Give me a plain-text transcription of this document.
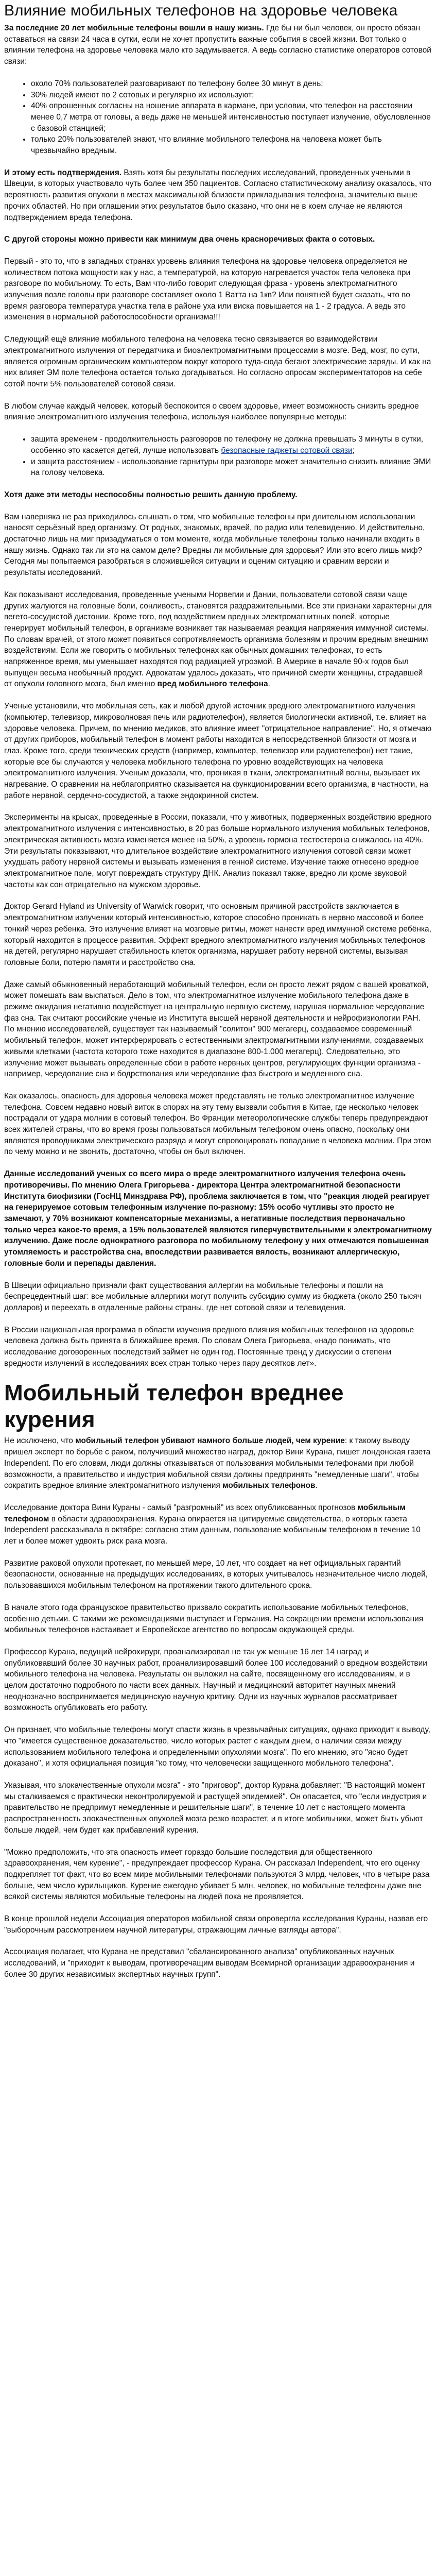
Влияние мобильных телефонов на здоровье человека

За последние 20 лет мобильные телефоны вошли в нашу жизнь. Где бы ни был человек, он просто обязан оставаться на связи 24 часа в сутки, если не хочет пропустить важные события в своей жизни. Вот только о влиянии телефона на здоровье человека мало кто задумывается. А ведь согласно статистике операторов сотовой связи:

• около 70% пользователей разговаривают по телефону более 30 минут в день;
• 30% людей имеют по 2 сотовых и регулярно их используют;
• 40% опрошенных согласны на ношение аппарата в кармане, при условии, что телефон на расстоянии менее 0,7 метра от головы, а ведь даже не меньшей интенсивностью поступает излучение, обусловленное с базовой станцией;
• только 20% пользователей знают, что влияние мобильного телефона на человека может быть чрезвычайно вредным.

И этому есть подтверждения. Взять хотя бы результаты последних исследований, проведенных учеными в Швеции, в которых участвовало чуть более чем 350 пациентов. Согласно статистическому анализу оказалось, что вероятность развития опухоли в местах максимальной близости прикладывания телефона, значительно выше прочих областей. Но при оглашении этих результатов было сказано, что они не в коем случае не являются подтверждением вреда телефона.

С другой стороны можно привести как минимум два очень красноречивых факта о сотовых.

Первый - это то, что в западных странах уровень влияния телефона на здоровье человека определяется не количеством потока мощности как у нас, а температурой, на которую нагревается участок тела человека при разговоре по мобильному. То есть, Вам что-либо говорит следующая фраза - уровень электромагнитного излучения возле головы при разговоре составляет около 1 Ватта на 1кв? Или понятней будет сказать, что во время разговора температура участка тела в районе уха или виска повышается на 1 - 2 градуса. А ведь это изменения в нормальной работоспособности организма!!!

Следующий ещё влияние мобильного телефона на человека тесно связывается во взаимодействии электромагнитного излучения от передатчика и биоэлектромагнитными процессами в мозге. Вед, мозг, по сути, является огромным органическим компьютером вокруг которого туда-сюда бегают электрические заряды. И как на них влияет ЭМ поле телефона остается только догадываться. Но согласно опросам экспериментаторов на себе сотой почти 5% пользователей сотовой связи.

В любом случае каждый человек, который беспокоится о своем здоровье, имеет возможность снизить вредное влияние электромагнитного излучения телефона, используя наиболее популярные методы:

• защита временем - продолжительность разговоров по телефону не должна превышать 3 минуты в сутки, особенно это касается детей, лучше использовать безопасные гаджеты сотовой связи;
• и защита расстоянием - использование гарнитуры при разговоре может значительно снизить влияние ЭМИ на голову человека.

Хотя даже эти методы неспособны полностью решить данную проблему.

Вам наверняка не раз приходилось слышать о том, что мобильные телефоны при длительном использовании наносят серьёзный вред организму. От родных, знакомых, врачей, по радио или телевидению. И действительно, достаточно лишь на миг призадуматься о том моменте, когда мобильные телефоны только начинали входить в нашу жизнь. Однако так ли это на самом деле? Вредны ли мобильные для здоровья? Или это всего лишь миф? Сегодня мы попытаемся разобраться в сложившейся ситуации и оценим ситуацию и сравним версии и результаты исследований.

Как показывают исследования, проведенные учеными Норвегии и Дании, пользователи сотовой связи чаще других жалуются на головные боли, сонливость, становятся раздражительными. Все эти признаки характерны для вегето-сосудистой дистонии. Кроме того, под воздействием вредных электромагнитных полей, которые генерирует мобильный телефон, в организме возникает так называемая реакция напряжения иммунной системы. По словам врачей, от этого может появиться сопротивляемость организма болезням и прочим вредным внешним воздействиям. Если же говорить о мобильных телефонах как обычных домашних телефонах, то есть напряженное время, мы уменьшает находятся под радиацией угроэмой. В Америке в начале 90-х годов был выпущен весьма необычный продукт. Адвокатам удалось доказать, что причиной смерти женщины, страдавшей от опухоли головного мозга, был именно вред мобильного телефона.

Ученые установили, что мобильная сеть, как и любой другой источник вредного электромагнитного излучения (компьютер, телевизор, микроволновая печь или радиотелефон), является биологически активной, т.е. влияет на здоровье человека. Причем, по мнению медиков, это влияние имеет "отрицательное направление". Но, я отмечаю от других приборов, мобильный телефон в момент работы находится в непосредственной близости от мозга и глаз. Кроме того, среди технических средств (например, компьютер, телевизор или радиотелефон) нет такие, которые все бы случаются у человека мобильного телефона по уровню воздействующих на человека электромагнитного излучения. Ученым доказали, что, проникая в ткани, электромагнитный волны, вызывает их нагревание. О сравнении на неблагоприятно сказывается на функционировании всего организма, в частности, на работе нервной, сердечно-сосудистой, а также эндокринной систем.

Эксперименты на крысах, проведенные в России, показали, что у животных, подверженных воздействию вредного электромагнитного излучения с интенсивностью, в 20 раз больше нормального излучения мобильных телефонов, электрическая активность мозга изменяется менее на 50%, а уровень гормона тестостерона снижалось на 40%. Эти результаты показывают, что длительное воздействие электромагнитного излучения сотовой связи может ухудшать работу нервной системы и вызывать изменения в генной системе. Изучение также отнесено вредное электромагнитное поле, могут повреждать структуру ДНК. Анализ показал также, вредно ли кроме звуковой частоты как сон отрицательно на мужском здоровье.

Доктор Gerard Hyland из University of Warwick говорит, что основным причиной расстройств заключается в электромагнитном излучении который интенсивностью, которое способно проникать в нервно массовой и более тонкий через ребенка. Это излучение влияет на мозговые ритмы, может нанести вред иммунной системе ребёнка, который находится в процессе развития. Эффект вредного электромагнитного излучения мобильных телефонов на детей, регулярно нарушает стабильность клеток организма, нарушает работу нервной системы, вызывая головные боли, потерю памяти и расстройство сна.

Даже самый обыкновенный неработающий мобильный телефон, если он просто лежит рядом с вашей кроваткой, может помешать вам выспаться. Дело в том, что электромагнитное излучение мобильного телефона даже в режиме ожидания негативно воздействует на центральную нервную систему, нарушая нормальное чередование фаз сна. Так считают российские ученые из Института высшей нервной деятельности и нейрофизиологии РАН. По мнению исследователей, существует так называемый "солитон" 900 мегагерц, создаваемое современный мобильный телефон, может интерферировать с естественными электромагнитными излучениями, создаваемых живыми клетками (частота которого тоже находится в диапазоне 800-1.000 мегагерц). Следовательно, это излучение может вызывать определенные сбои в работе нервных центров, регулирующих функции организма - например, чередование сна и бодрствования или чередование фаз быстрого и медленного сна.

Как оказалось, опасность для здоровья человека может представлять не только электромагнитное излучение телефона. Совсем недавно новый виток в спорах на эту тему вызвали события в Китае, где несколько человек пострадали от удара молнии в сотовый телефон. Во Франции метеорологические службы теперь предупреждают всех жителей страны, что во время грозы пользоваться мобильным телефоном очень опасно, поскольку они являются проводниками электрического разряда и могут спровоцировать попадание в человека молнии. При этом по чему можно и не звонить, достаточно, чтобы он был включен.

Данные исследований ученых со всего мира о вреде электромагнитного излучения телефона очень противоречивы. По мнению Олега Григорьева - директора Центра электромагнитной безопасности Института биофизики (ГосНЦ Минздрава РФ), проблема заключается в том, что "реакция людей реагирует на генерируемое сотовым телефонным излучение по-разному: 15% особо чутливы это просто не замечают, у 70% возникают компенсаторные механизмы, а негативные последствия первоначально только через какое-то время, а 15% пользователей являются гиперчувствительными к электромагнитному излучению. Даже после однократного разговора по мобильному телефону у них отмечаются повышенная утомляемость и расстройства сна, впоследствии развивается вялость, возникают аллергическую, головные боли и перепады давления.

В Швеции официально признали факт существования аллергии на мобильные телефоны и пошли на беспрецедентный шаг: все мобильные аллергики могут получить субсидию сумму из бюджета (около 250 тысяч долларов) и переехать в отдаленные районы страны, где нет сотовой связи и телевидения.

В России национальная программа в области изучения вредного влияния мобильных телефонов на здоровье человека должна быть принята в ближайшее время. По словам Олега Григорьева, «надо понимать, что исследование договоренных последствий займет не один год. Постоянные тренд у дискуссии о степени вредности излучений в исследованиях всех стран только через пару десятков лет».

Мобильный телефон вреднее курения

Не исключено, что мобильный телефон убивают намного больше людей, чем курение: к такому выводу пришел эксперт по борьбе с раком, получивший множество наград, доктор Вини Курана, пишет лондонская газета Independent. По его словам, люди должны отказываться от пользования мобильными телефонами при любой возможности, а правительство и индустрия мобильной связи должны предпринять "немедленные шаги", чтобы сократить вредное влияние электромагнитного излучения мобильных телефонов.

Исследование доктора Вини Кураны - самый "разгромный" из всех опубликованных прогнозов мобильным телефоном в области здравоохранения. Курана опирается на цитируемые свидетельства, о которых газета Independent рассказывала в октябре: согласно этим данным, пользование мобильным телефоном в течение 10 лет и более может удвоить риск рака мозга.

Развитие раковой опухоли протекает, по меньшей мере, 10 лет, что создает на нет официальных гарантий безопасности, основанные на предыдущих исследованиях, в которых учитывалось незначительное число людей, пользовавшихся мобильным телефоном на протяжении такого длительного срока.

В начале этого года французское правительство призвало сократить использование мобильных телефонов, особенно детьми. С такими же рекомендациями выступает и Германия. На сокращении времени использования мобильных телефонов настаивает и Европейское агентство по вопросам окружающей среды.

Профессор Курана, ведущий нейрохирург, проанализировал не так уж меньше 16 лет 14 наград и опубликовавший более 30 научных работ, проанализировавший более 100 исследований о вредном воздействии мобильного телефона на человека. Результаты он выложил на сайте, посвященному его исследованиям, и в целом достаточно подробного по части всех данных. Научный и медицинский авторитет научных мнений неоднозначно воспринимается медицинскую научную критику. Одни из научных журналов рассматривает возможность опубликовать его работу.

Он признает, что мобильные телефоны могут спасти жизнь в чрезвычайных ситуациях, однако приходит к выводу, что "имеется существенное доказательство, число которых растет с каждым днем, о наличии связи между использованием мобильного телефона и определенными опухолями мозга". По его мнению, это "ясно будет доказано", и хотя официальная позиция "ко тому, что человечески защищенного мобильного телефона".

Указывая, что злокачественные опухоли мозга" - это "приговор", доктор Курана добавляет: "В настоящий момент мы сталкиваемся с практически неконтролируемой и растущей эпидемией". Он опасается, что "если индустрия и правительство не предпримут немедленные и решительные шаги", в течение 10 лет с настоящего момента распространенность злокачественных опухолей мозга резко возрастет, и в итоге мобильники, может быть убьют больше людей, чем будет как прибавлений курения.

"Можно предположить, что эта опасность имеет гораздо большие последствия для общественного здравоохранения, чем курение", - предупреждает профессор Курана. Он рассказал Independent, что его оценку подкрепляет тот факт, что во всем мире мобильными телефонами пользуются 3 млрд. человек, что в четыре раза больше, чем число курильщиков. Курение ежегодно убивает 5 млн. человек, но мобильные телефоны даже вне всякой системы являются мобильные телефоны на людей пока не проявляется.

В конце прошлой недели Ассоциация операторов мобильной связи опровергла исследования Кураны, назвав его "выборочным рассмотрением научной литературы, отражающим личные взгляды автора".

Ассоциация полагает, что Курана не представил "сбалансированного анализа" опубликованных научных исследований, и "приходит к выводам, противоречащим выводам Всемирной организации здравоохранения и более 30 других независимых экспертных научных групп".
